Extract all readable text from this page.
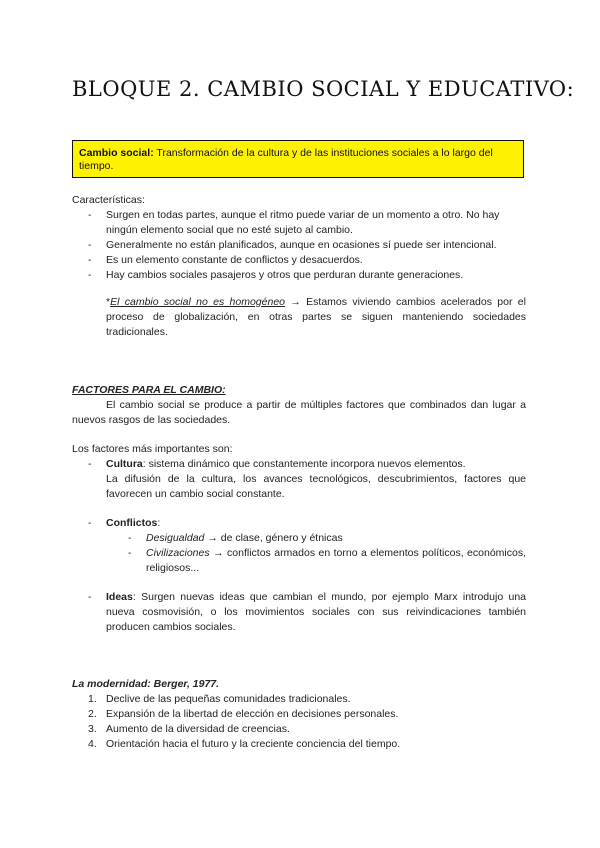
BLOQUE 2. CAMBIO SOCIAL Y EDUCATIVO:
Cambio social: Transformación de la cultura y de las instituciones sociales a lo largo del tiempo.
Características:
- Surgen en todas partes, aunque el ritmo puede variar de un momento a otro. No hay ningún elemento social que no esté sujeto al cambio.
- Generalmente no están planificados, aunque en ocasiones sí puede ser intencional.
- Es un elemento constante de conflictos y desacuerdos.
- Hay cambios sociales pasajeros y otros que perduran durante generaciones.
*El cambio social no es homogéneo → Estamos viviendo cambios acelerados por el proceso de globalización, en otras partes se siguen manteniendo sociedades tradicionales.
FACTORES PARA EL CAMBIO:
El cambio social se produce a partir de múltiples factores que combinados dan lugar a nuevos rasgos de las sociedades.
Los factores más importantes son:
- Cultura: sistema dinámico que constantemente incorpora nuevos elementos.
La difusión de la cultura, los avances tecnológicos, descubrimientos, factores que favorecen un cambio social constante.
- Conflictos:
- Desigualdad → de clase, género y étnicas
- Civilizaciones → conflictos armados en torno a elementos políticos, económicos, religiosos...
- Ideas: Surgen nuevas ideas que cambian el mundo, por ejemplo Marx introdujo una nueva cosmovisión, o los movimientos sociales con sus reivindicaciones también producen cambios sociales.
La modernidad: Berger, 1977.
1. Declive de las pequeñas comunidades tradicionales.
2. Expansión de la libertad de elección en decisiones personales.
3. Aumento de la diversidad de creencias.
4. Orientación hacia el futuro y la creciente conciencia del tiempo.
